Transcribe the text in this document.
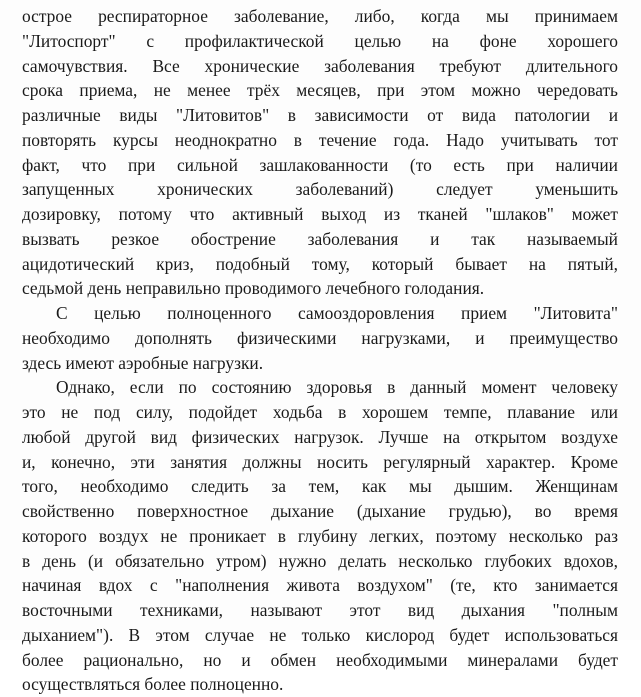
острое респираторное заболевание, либо, когда мы принимаем
"Литоспорт" с профилактической целью на фоне хорошего
самочувствия. Все хронические заболевания требуют длительного
срока приема, не менее трёх месяцев, при этом можно чередовать
различные виды "Литовитов" в зависимости от вида патологии и
повторять курсы неоднократно в течение года. Надо учитывать тот
факт, что при сильной зашлакованности (то есть при наличии
запущенных хронических заболеваний) следует уменьшить
дозировку, потому что активный выход из тканей "шлаков" может
вызвать резкое обострение заболевания и так называемый
ацидотический криз, подобный тому, который бывает на пятый,
седьмой день неправильно проводимого лечебного голодания.
С целью полноценного самооздоровления прием "Литовита"
необходимо дополнять физическими нагрузками, и преимущество
здесь имеют аэробные нагрузки.
Однако, если по состоянию здоровья в данный момент человеку
это не под силу, подойдет ходьба в хорошем темпе, плавание или
любой другой вид физических нагрузок. Лучше на открытом воздухе
и, конечно, эти занятия должны носить регулярный характер. Кроме
того, необходимо следить за тем, как мы дышим. Женщинам
свойственно поверхностное дыхание (дыхание грудью), во время
которого воздух не проникает в глубину легких, поэтому несколько раз
в день (и обязательно утром) нужно делать несколько глубоких вдохов,
начиная вдох с "наполнения живота воздухом" (те, кто занимается
восточными техниками, называют этот вид дыхания "полным
дыханием"). В этом случае не только кислород будет использоваться
более рационально, но и обмен необходимыми минералами будет
осуществляться более полноценно.
